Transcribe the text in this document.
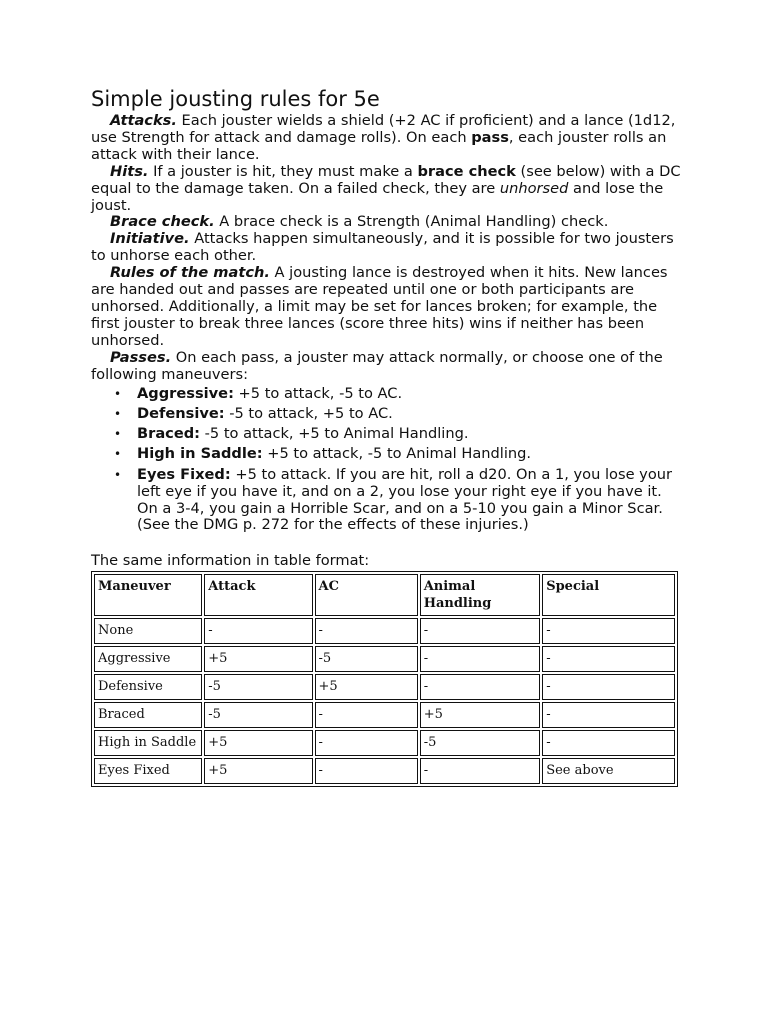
Simple jousting rules for 5e

Attacks. Each jouster wields a shield (+2 AC if proficient) and a lance (1d12, use Strength for attack and damage rolls). On each pass, each jouster rolls an attack with their lance.

Hits. If a jouster is hit, they must make a brace check (see below) with a DC equal to the damage taken. On a failed check, they are unhorsed and lose the joust.

Brace check. A brace check is a Strength (Animal Handling) check.

Initiative. Attacks happen simultaneously, and it is possible for two jousters to unhorse each other.

Rules of the match. A jousting lance is destroyed when it hits. New lances are handed out and passes are repeated until one or both participants are unhorsed. Additionally, a limit may be set for lances broken; for example, the first jouster to break three lances (score three hits) wins if neither has been unhorsed.

Passes. On each pass, a jouster may attack normally, or choose one of the following maneuvers:

• Aggressive: +5 to attack, -5 to AC.
• Defensive: -5 to attack, +5 to AC.
• Braced: -5 to attack, +5 to Animal Handling.
• High in Saddle: +5 to attack, -5 to Animal Handling.
• Eyes Fixed: +5 to attack. If you are hit, roll a d20. On a 1, you lose your left eye if you have it, and on a 2, you lose your right eye if you have it. On a 3-4, you gain a Horrible Scar, and on a 5-10 you gain a Minor Scar. (See the DMG p. 272 for the effects of these injuries.)
The same information in table format:
Maneuver	Attack	AC	Animal Handling	Special
None	-	-	-	-
Aggressive	+5	-5	-	-
Defensive	-5	+5	-	-
Braced	-5	-	+5	-
High in Saddle	+5	-	-5	-
Eyes Fixed	+5	-	-	See above
